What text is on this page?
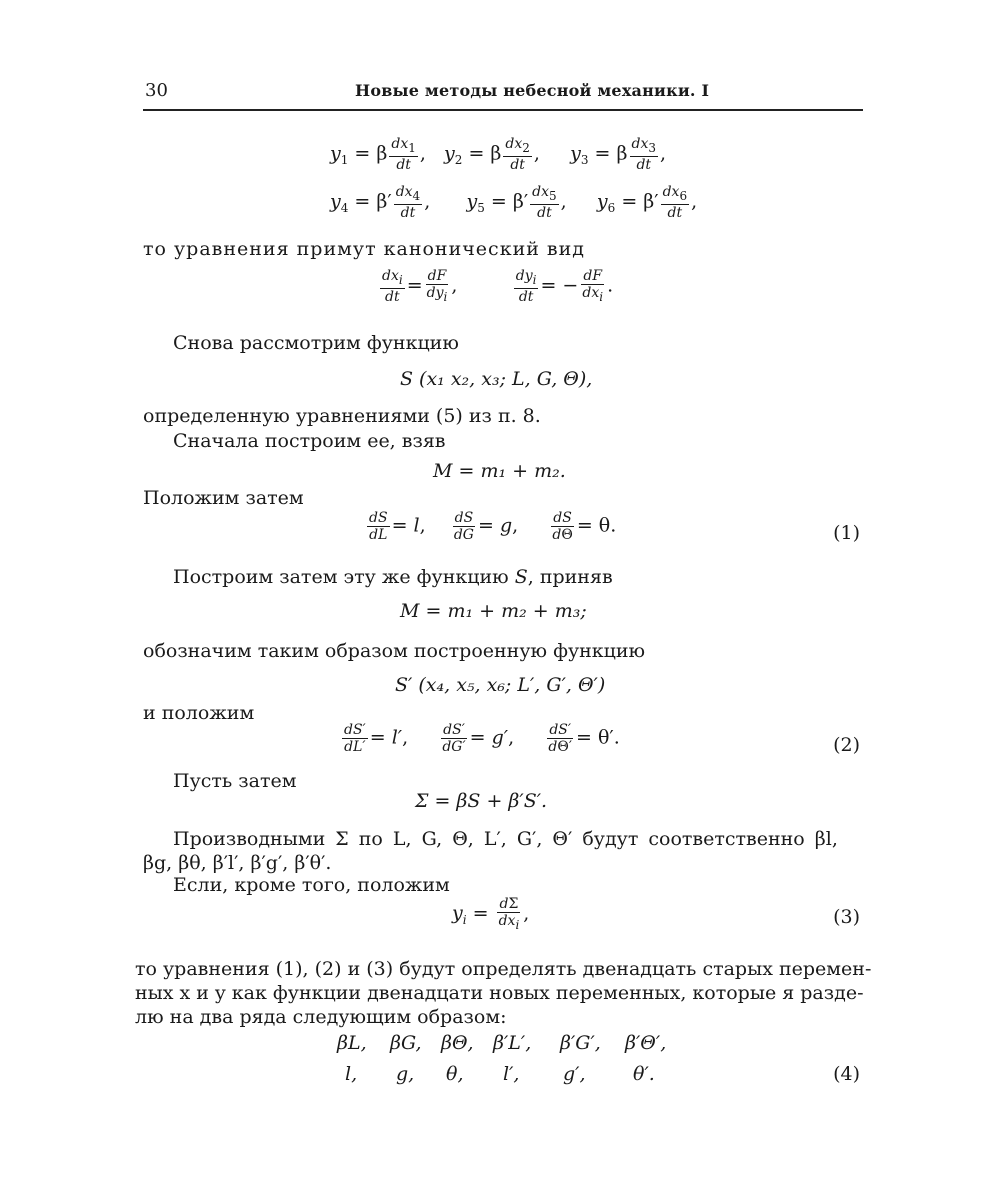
30	Новые методы небесной механики. I
$y_1 = \beta \frac{dx_1}{dt}$ ,   $y_2 = \beta \frac{dx_2}{dt}$ ,     $y_3 = \beta \frac{dx_3}{dt}$ ,
$y_4 = \beta' \frac{dx_4}{dt}$ ,      $y_5 = \beta' \frac{dx_5}{dt}$ ,     $y_6 = \beta' \frac{dx_6}{dt}$ ,
то уравнения примут канонический вид
$\frac{dx_i}{dt} = \frac{dF}{dy_i}$ , $\frac{dy_i}{dt}$ = − $\frac{dF}{dx_i}$ .
Снова рассмотрим функцию
S (x₁ x₂, x₃; L, G, Θ),
определенную уравнениями (5) из п. 8.
Сначала построим ее, взяв
M = m₁ + m₂.
Положим затем
$\frac{dS}{dL} = l$, $\frac{dS}{dG} = g$, $\frac{dS}{d\Theta} = \theta$.	(1)
Построим затем эту же функцию S, приняв
M = m₁ + m₂ + m₃;
обозначим таким образом построенную функцию
S′ (x₄, x₅, x₆; L′, G′, Θ′)
и положим
$\frac{dS'}{dL'} = l'$, $\frac{dS'}{dG'} = g'$, $\frac{dS'}{d\Theta'} = \theta'$.	(2)
Пусть затем
Σ = βS + β′S′.
Производными Σ по L, G, Θ, L′, G′, Θ′ будут соответственно βl,
βg, βθ, β′l′, β′g′, β′θ′.
Если, кроме того, положим
$y_i = \frac{d\Sigma}{dx_i}$ ,	(3)
то уравнения (1), (2) и (3) будут определять двенадцать старых перемен-
ных x и y как функции двенадцати новых переменных, которые я разде-
лю на два ряда следующим образом:
βL, βG, βΘ, β′L′, β′G′, β′Θ′,
l, g, θ, l′, g′, θ′.	(4)
